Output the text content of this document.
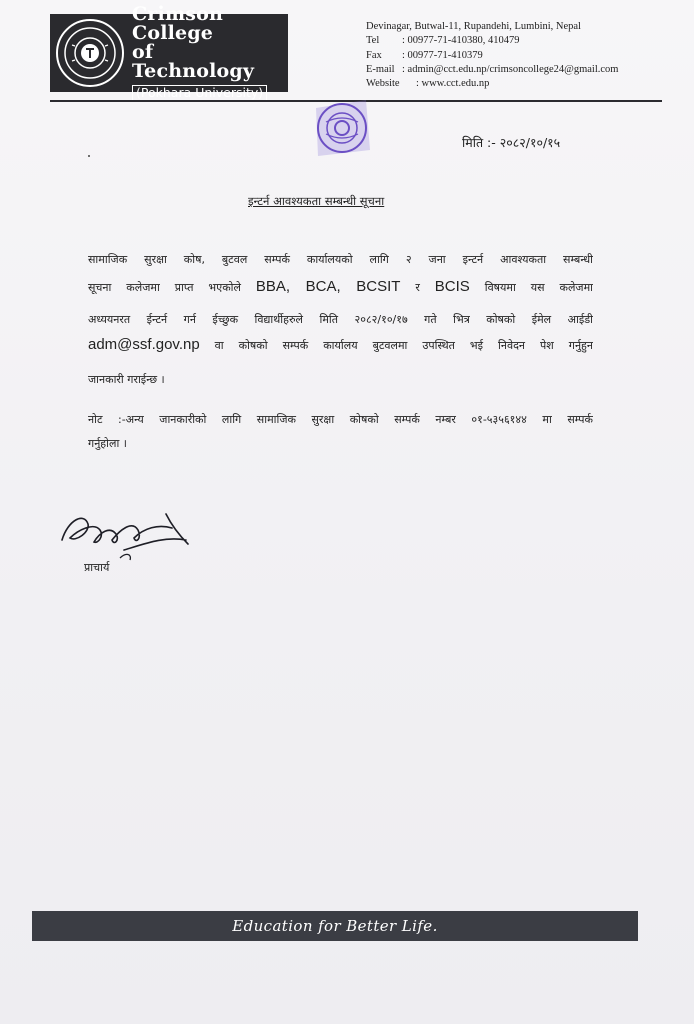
Crimson College
of Technology
(Pokhara University)
Devinagar, Butwal-11, Rupandehi, Lumbini, Nepal
Tel	: 00977-71-410380, 410479
Fax	: 00977-71-410379
E-mail : admin@cct.edu.np/crimsoncollege24@gmail.com
Website	: www.cct.edu.np
मिति :- २०८२/१०/१५
इन्टर्न आवश्यकता सम्बन्धी सूचना
सामाजिक सुरक्षा कोष, बुटवल सम्पर्क कार्यालयको लागि २ जना इन्टर्न आवश्यकता सम्बन्धी
सूचना कलेजमा प्राप्त भएकोले BBA, BCA, BCSIT र BCIS विषयमा यस कलेजमा
अध्ययनरत ईन्टर्न गर्न ईच्छुक विद्यार्थीहरुले मिति २०८२/१०/१७ गते भित्र कोषको ईमेल आईडी
adm@ssf.gov.np वा कोषको सम्पर्क कार्यालय बुटवलमा उपस्थित भई निवेदन पेश गर्नुहुन
जानकारी गराईन्छ ।
नोट :-अन्य जानकारीको लागि सामाजिक सुरक्षा कोषको सम्पर्क नम्बर ०१-५३५६१४४ मा सम्पर्क
गर्नुहोला ।
प्राचार्य
Education for Better Life.
